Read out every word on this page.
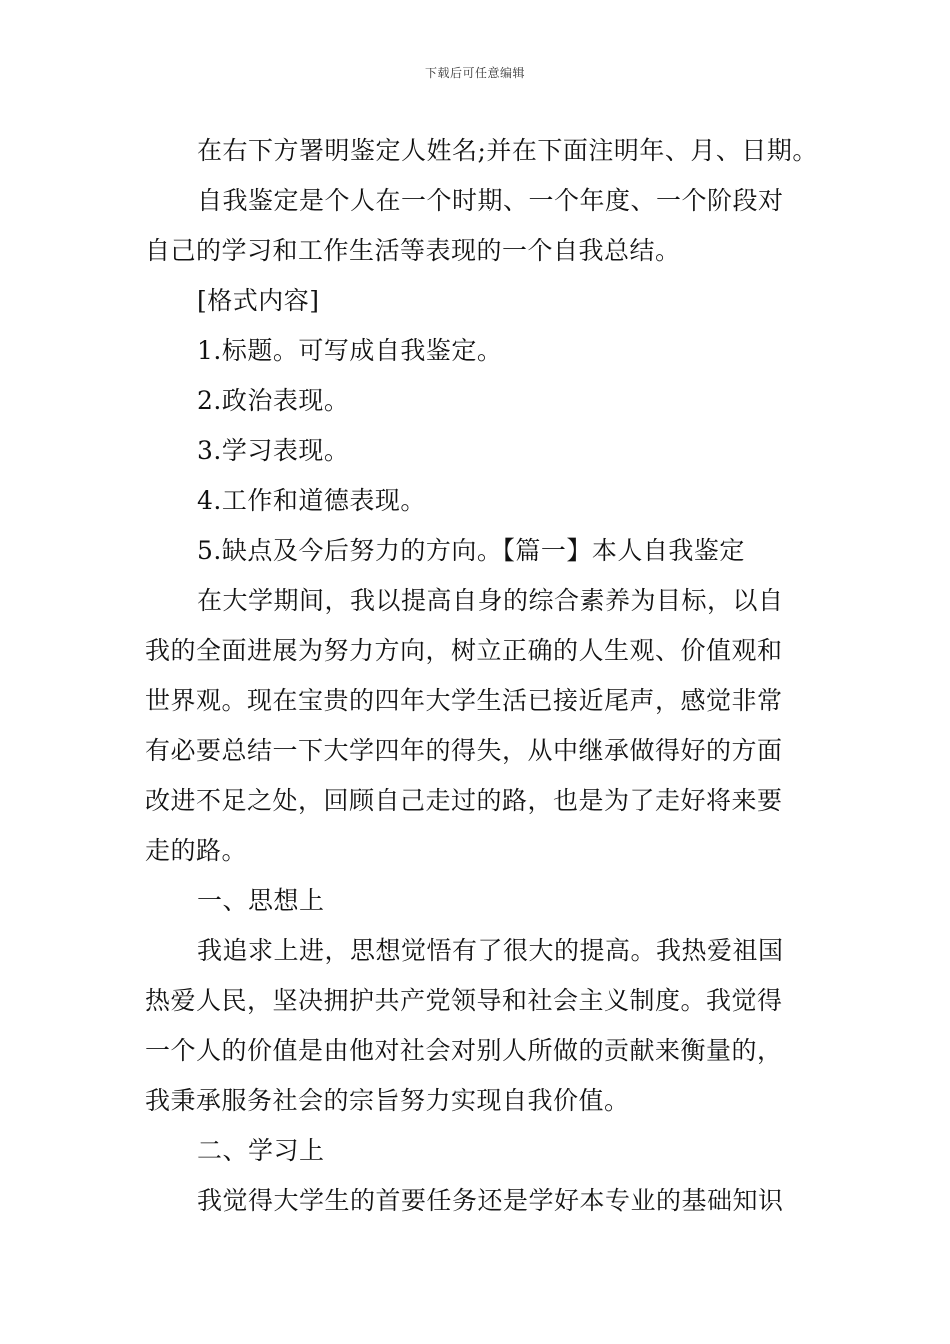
下载后可任意编辑

在右下方署明鉴定人姓名;并在下面注明年、月、日期。

自我鉴定是个人在一个时期、一个年度、一个阶段对

自己的学习和工作生活等表现的一个自我总结。

[格式内容]

1.标题。可写成自我鉴定。

2.政治表现。

3.学习表现。

4.工作和道德表现。

5.缺点及今后努力的方向。【篇一】本人自我鉴定

在大学期间，我以提高自身的综合素养为目标，以自

我的全面进展为努力方向，树立正确的人生观、价值观和

世界观。现在宝贵的四年大学生活已接近尾声，感觉非常

有必要总结一下大学四年的得失，从中继承做得好的方面

改进不足之处，回顾自己走过的路，也是为了走好将来要

走的路。

一、思想上

我追求上进，思想觉悟有了很大的提高。我热爱祖国

热爱人民，坚决拥护共产党领导和社会主义制度。我觉得

一个人的价值是由他对社会对别人所做的贡献来衡量的，

我秉承服务社会的宗旨努力实现自我价值。

二、学习上

我觉得大学生的首要任务还是学好本专业的基础知识
